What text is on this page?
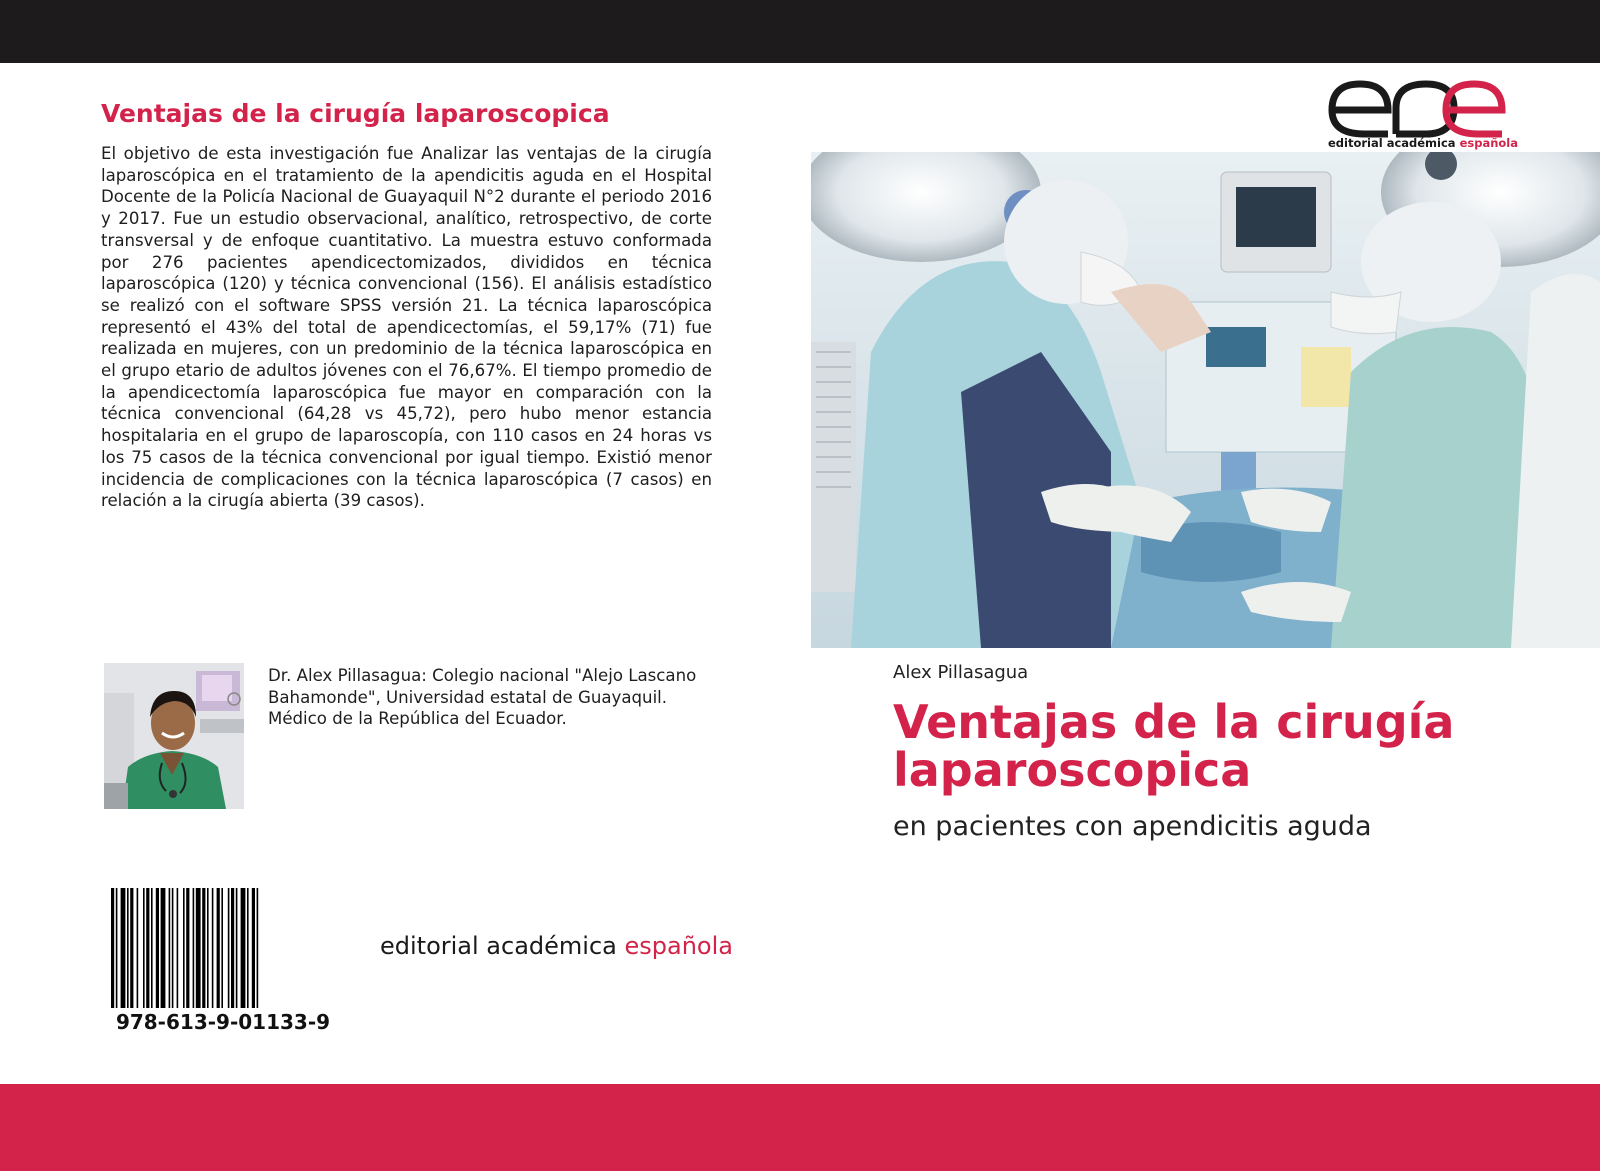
Ventajas de la cirugía laparoscopica

El objetivo de esta investigación fue Analizar las ventajas de la cirugía laparoscópica en el tratamiento de la apendicitis aguda en el Hospital Docente de la Policía Nacional de Guayaquil N°2 durante el periodo 2016 y 2017. Fue un estudio observacional, analítico, retrospectivo, de corte transversal y de enfoque cuantitativo. La muestra estuvo conformada por 276 pacientes apendicectomizados, divididos en técnica laparoscópica (120) y técnica convencional (156). El análisis estadístico se realizó con el software SPSS versión 21. La técnica laparoscópica representó el 43% del total de apendicectomías, el 59,17% (71) fue realizada en mujeres, con un predominio de la técnica laparoscópica en el grupo etario de adultos jóvenes con el 76,67%. El tiempo promedio de la apendicectomía laparoscópica fue mayor en comparación con la técnica convencional (64,28 vs 45,72), pero hubo menor estancia hospitalaria en el grupo de laparoscopía, con 110 casos en 24 horas vs los 75 casos de la técnica convencional por igual tiempo. Existió menor incidencia de complicaciones con la técnica laparoscópica (7 casos) en relación a la cirugía abierta (39 casos).

Dr. Alex Pillasagua: Colegio nacional "Alejo Lascano Bahamonde", Universidad estatal de Guayaquil. Médico de la República del Ecuador.

978-613-9-01133-9
editorial académica española
editorial académica española
Alex Pillasagua
Ventajas de la cirugía laparoscopica
en pacientes con apendicitis aguda
